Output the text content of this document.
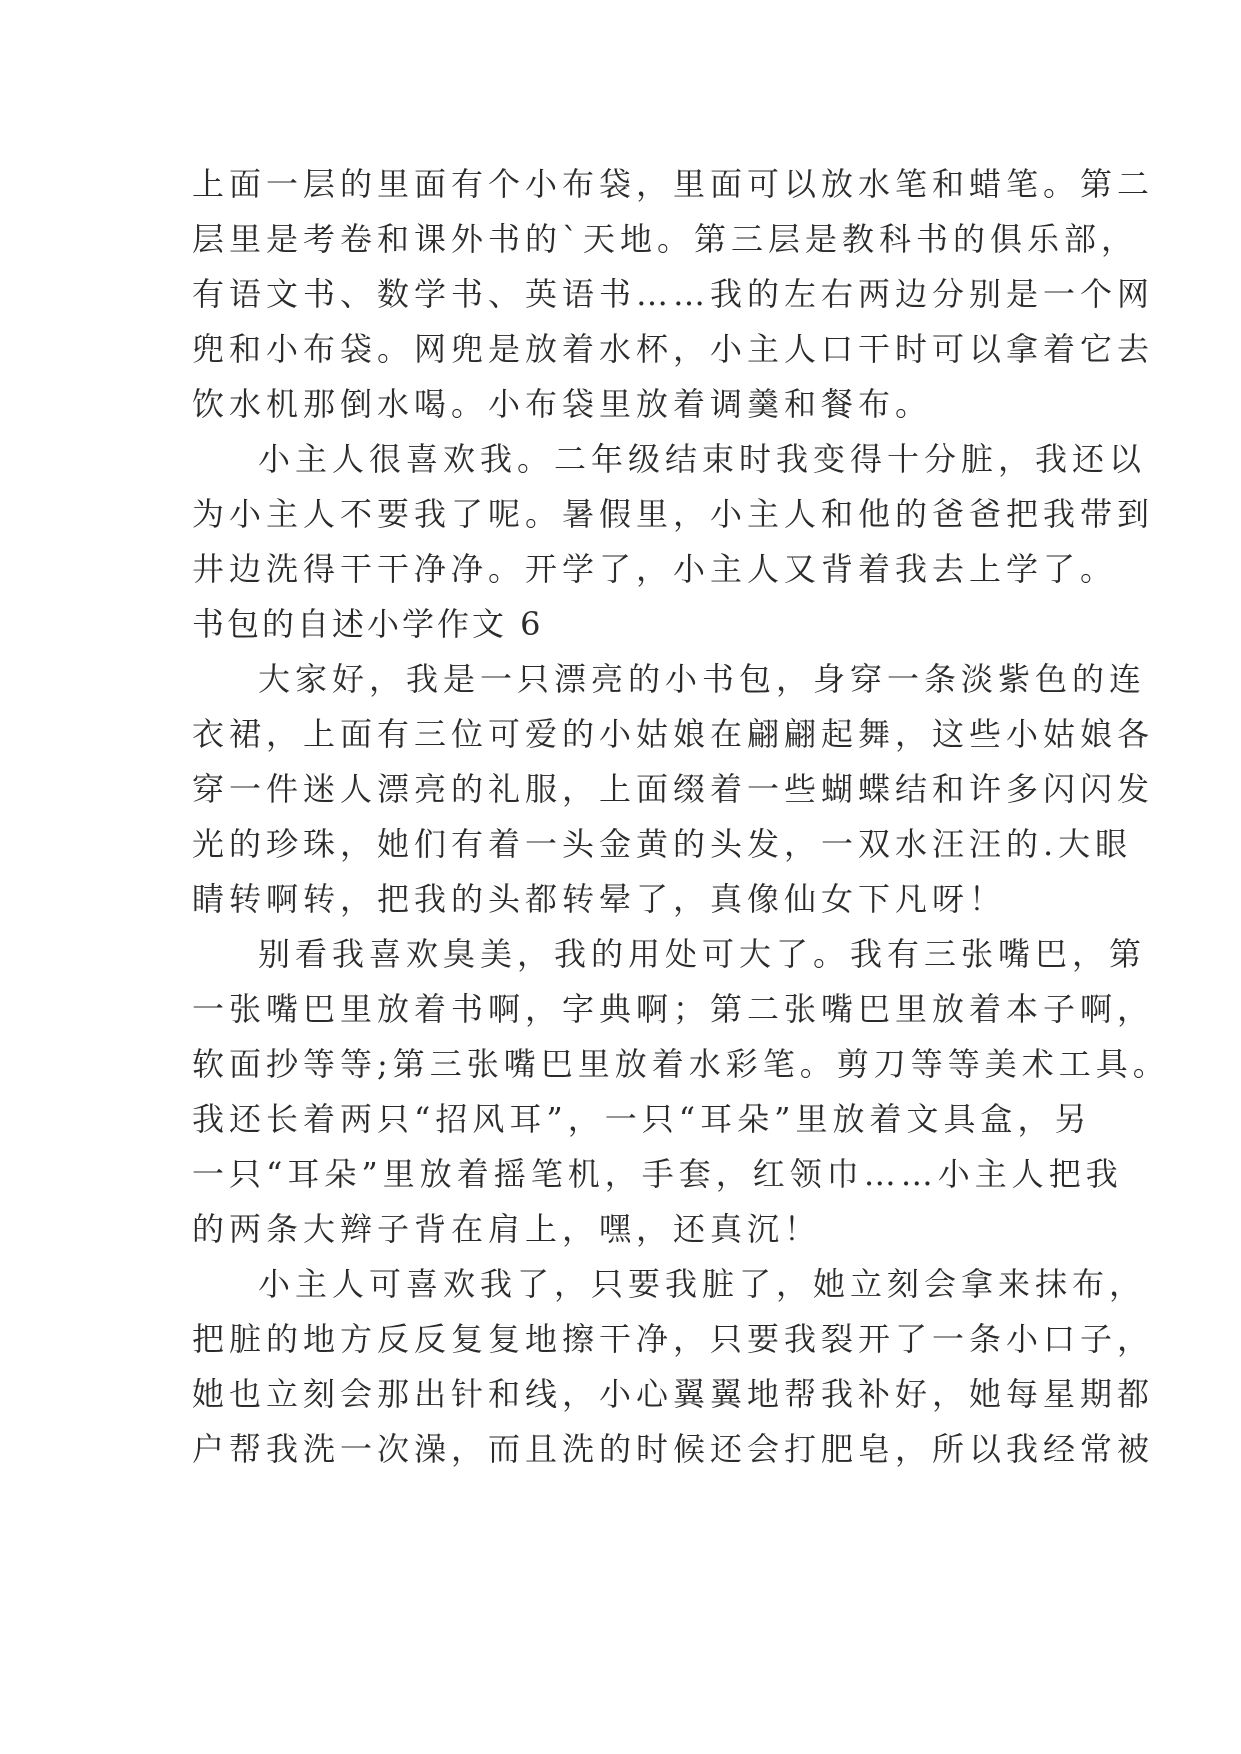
上面一层的里面有个小布袋，里面可以放水笔和蜡笔。第二
层里是考卷和课外书的`天地。第三层是教科书的俱乐部，
有语文书、数学书、英语书……我的左右两边分别是一个网
兜和小布袋。网兜是放着水杯，小主人口干时可以拿着它去
饮水机那倒水喝。小布袋里放着调羹和餐布。
小主人很喜欢我。二年级结束时我变得十分脏，我还以
为小主人不要我了呢。暑假里，小主人和他的爸爸把我带到
井边洗得干干净净。开学了，小主人又背着我去上学了。
书包的自述小学作文 6
大家好，我是一只漂亮的小书包，身穿一条淡紫色的连
衣裙，上面有三位可爱的小姑娘在翩翩起舞，这些小姑娘各
穿一件迷人漂亮的礼服，上面缀着一些蝴蝶结和许多闪闪发
光的珍珠，她们有着一头金黄的头发，一双水汪汪的.大眼
睛转啊转，把我的头都转晕了，真像仙女下凡呀！
别看我喜欢臭美，我的用处可大了。我有三张嘴巴，第
一张嘴巴里放着书啊，字典啊；第二张嘴巴里放着本子啊，
软面抄等等;第三张嘴巴里放着水彩笔。剪刀等等美术工具。
我还长着两只“招风耳”，一只“耳朵”里放着文具盒，另
一只“耳朵”里放着摇笔机，手套，红领巾……小主人把我
的两条大辫子背在肩上，嘿，还真沉！
小主人可喜欢我了，只要我脏了，她立刻会拿来抹布，
把脏的地方反反复复地擦干净，只要我裂开了一条小口子，
她也立刻会那出针和线，小心翼翼地帮我补好，她每星期都
户帮我洗一次澡，而且洗的时候还会打肥皂，所以我经常被
